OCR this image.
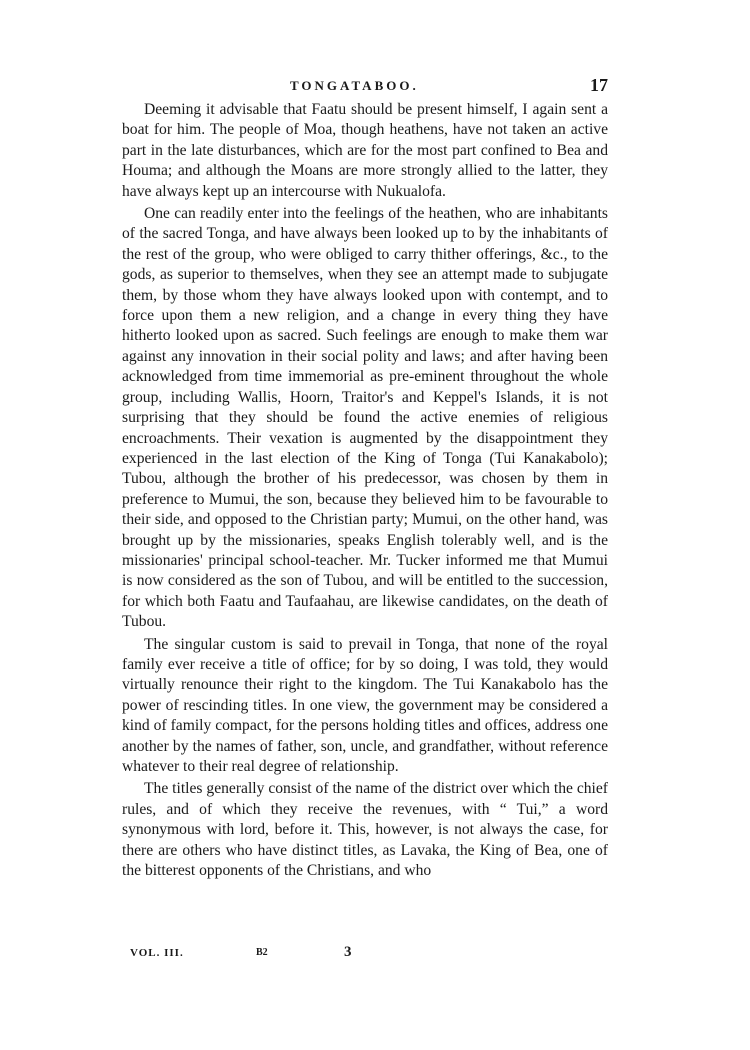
TONGATABOO.	17

Deeming it advisable that Faatu should be present himself, I again sent a boat for him. The people of Moa, though heathens, have not taken an active part in the late disturbances, which are for the most part confined to Bea and Houma; and although the Moans are more strongly allied to the latter, they have always kept up an intercourse with Nukualofa.

One can readily enter into the feelings of the heathen, who are inhabitants of the sacred Tonga, and have always been looked up to by the inhabitants of the rest of the group, who were obliged to carry thither offerings, &c., to the gods, as superior to themselves, when they see an attempt made to subjugate them, by those whom they have always looked upon with contempt, and to force upon them a new religion, and a change in every thing they have hitherto looked upon as sacred. Such feelings are enough to make them war against any innovation in their social polity and laws; and after having been acknowledged from time immemorial as pre-eminent throughout the whole group, including Wallis, Hoorn, Traitor's and Keppel's Islands, it is not surprising that they should be found the active enemies of religious encroachments. Their vexation is augmented by the disappointment they experienced in the last election of the King of Tonga (Tui Kanakabolo); Tubou, although the brother of his predecessor, was chosen by them in preference to Mumui, the son, because they believed him to be favourable to their side, and opposed to the Christian party; Mumui, on the other hand, was brought up by the missionaries, speaks English tolerably well, and is the missionaries' principal school-teacher. Mr. Tucker informed me that Mumui is now considered as the son of Tubou, and will be entitled to the succession, for which both Faatu and Taufaahau, are likewise candidates, on the death of Tubou.

The singular custom is said to prevail in Tonga, that none of the royal family ever receive a title of office; for by so doing, I was told, they would virtually renounce their right to the kingdom. The Tui Kanakabolo has the power of rescinding titles. In one view, the government may be considered a kind of family compact, for the persons holding titles and offices, address one another by the names of father, son, uncle, and grandfather, without reference whatever to their real degree of relationship.

The titles generally consist of the name of the district over which the chief rules, and of which they receive the revenues, with “ Tui,” a word synonymous with lord, before it. This, however, is not always the case, for there are others who have distinct titles, as Lavaka, the King of Bea, one of the bitterest opponents of the Christians, and who

VOL. III.	B2	3
